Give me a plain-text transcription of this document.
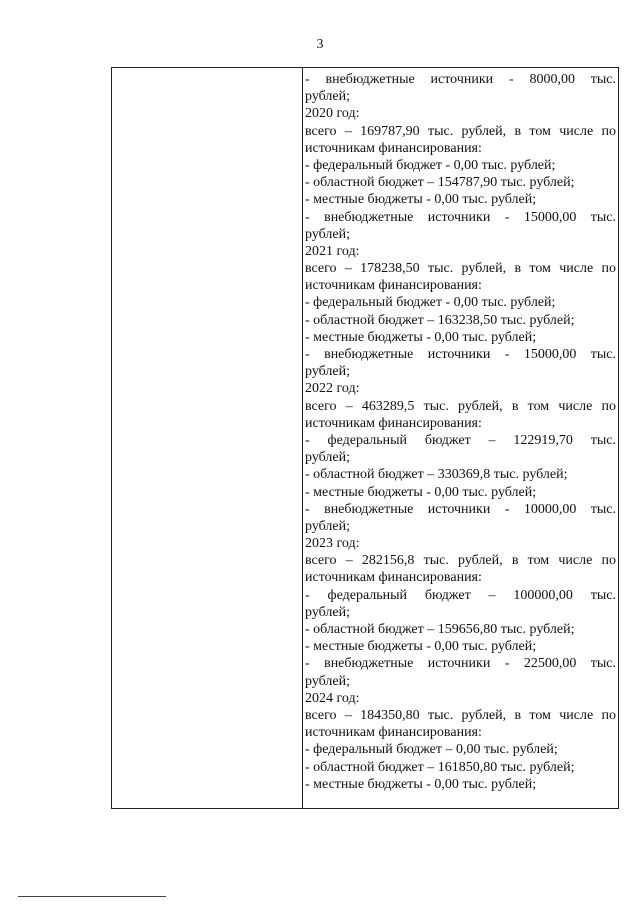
3
- внебюджетные источники - 8000,00 тыс.
рублей;
2020 год:
всего – 169787,90 тыс. рублей, в том числе по
источникам финансирования:
- федеральный бюджет - 0,00 тыс. рублей;
- областной бюджет – 154787,90 тыс. рублей;
- местные бюджеты - 0,00 тыс. рублей;
- внебюджетные источники - 15000,00 тыс.
рублей;
2021 год:
всего – 178238,50 тыс. рублей, в том числе по
источникам финансирования:
- федеральный бюджет - 0,00 тыс. рублей;
- областной бюджет – 163238,50 тыс. рублей;
- местные бюджеты - 0,00 тыс. рублей;
- внебюджетные источники - 15000,00 тыс.
рублей;
2022 год:
всего – 463289,5 тыс. рублей, в том числе по
источникам финансирования:
- федеральный бюджет – 122919,70 тыс.
рублей;
- областной бюджет – 330369,8 тыс. рублей;
- местные бюджеты - 0,00 тыс. рублей;
- внебюджетные источники - 10000,00 тыс.
рублей;
2023 год:
всего – 282156,8 тыс. рублей, в том числе по
источникам финансирования:
- федеральный бюджет – 100000,00 тыс.
рублей;
- областной бюджет – 159656,80 тыс. рублей;
- местные бюджеты - 0,00 тыс. рублей;
- внебюджетные источники - 22500,00 тыс.
рублей;
2024 год:
всего – 184350,80 тыс. рублей, в том числе по
источникам финансирования:
- федеральный бюджет – 0,00 тыс. рублей;
- областной бюджет – 161850,80 тыс. рублей;
- местные бюджеты - 0,00 тыс. рублей;
